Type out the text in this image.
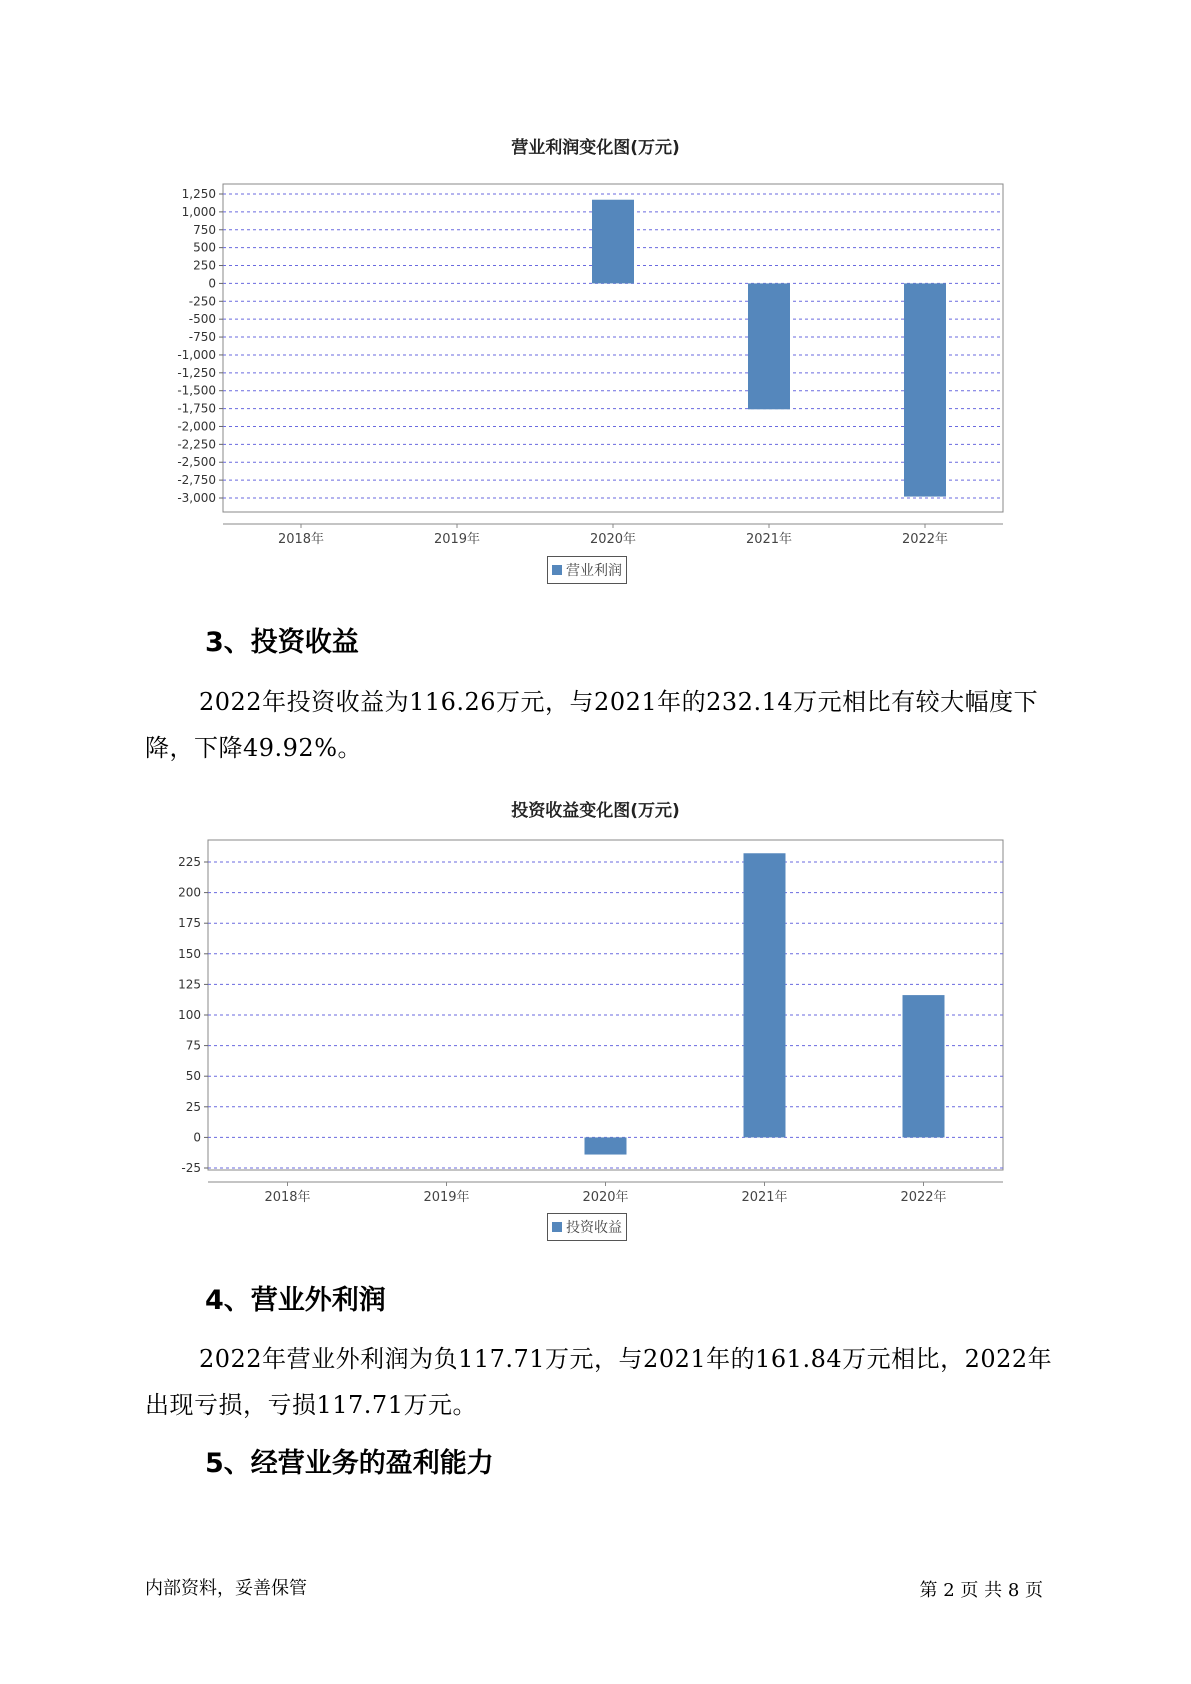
营业利润变化图(万元)
1,250
1,000
750
500
250
0
-250
-500
-750
-1,000
-1,250
-1,500
-1,750
-2,000
-2,250
-2,500
-2,750
-3,000
2018年	2019年	2020年	2021年	2022年
营业利润
3、投资收益
2022年投资收益为116.26万元，与2021年的232.14万元相比有较大幅度下降，下降49.92%。
投资收益变化图(万元)
225
200
175
150
125
100
75
50
25
0
-25
2018年	2019年	2020年	2021年	2022年
投资收益
4、营业外利润
2022年营业外利润为负117.71万元，与2021年的161.84万元相比，2022年出现亏损，亏损117.71万元。
5、经营业务的盈利能力
内部资料，妥善保管	第 2 页 共 8 页
